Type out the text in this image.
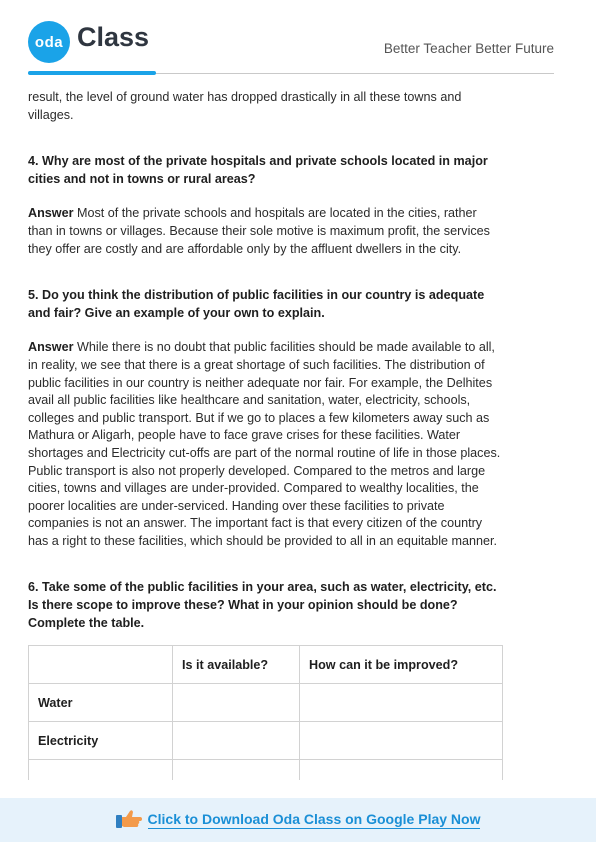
oda Class	Better Teacher Better Future

result, the level of ground water has dropped drastically in all these towns and villages.

4. Why are most of the private hospitals and private schools located in major cities and not in towns or rural areas?

Answer Most of the private schools and hospitals are located in the cities, rather than in towns or villages. Because their sole motive is maximum profit, the services they offer are costly and are affordable only by the affluent dwellers in the city.

5. Do you think the distribution of public facilities in our country is adequate and fair? Give an example of your own to explain.

Answer While there is no doubt that public facilities should be made available to all, in reality, we see that there is a great shortage of such facilities. The distribution of public facilities in our country is neither adequate nor fair. For example, the Delhites avail all public facilities like healthcare and sanitation, water, electricity, schools, colleges and public transport. But if we go to places a few kilometers away such as Mathura or Aligarh, people have to face grave crises for these facilities. Water shortages and Electricity cut-offs are part of the normal routine of life in those places. Public transport is also not properly developed. Compared to the metros and large cities, towns and villages are under-provided. Compared to wealthy localities, the poorer localities are under-serviced. Handing over these facilities to private companies is not an answer. The important fact is that every citizen of the country has a right to these facilities, which should be provided to all in an equitable manner.

6. Take some of the public facilities in your area, such as water, electricity, etc. Is there scope to improve these? What in your opinion should be done? Complete the table.

	Is it available?	How can it be improved?
Water		
Electricity		

Click to Download Oda Class on Google Play Now
